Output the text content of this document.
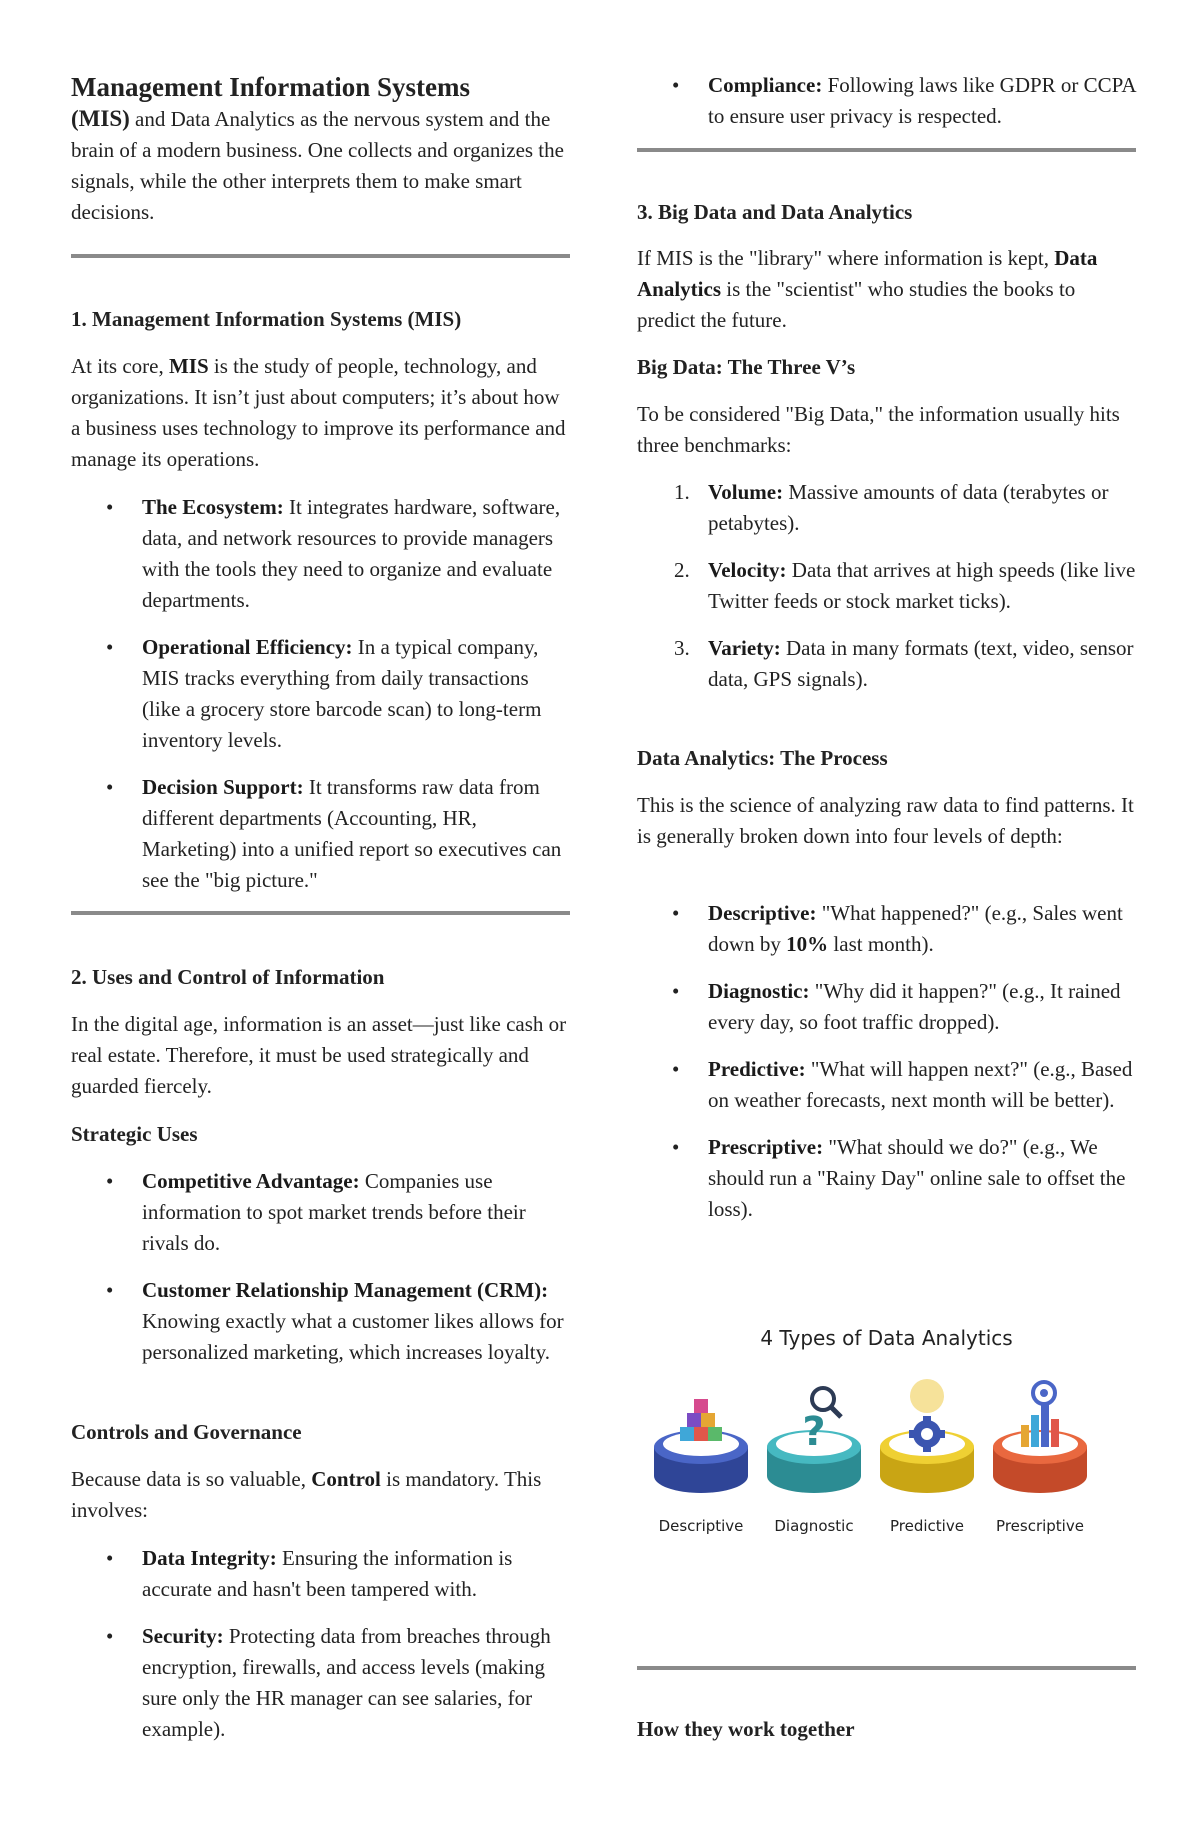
Management Information Systems

(MIS) and Data Analytics as the nervous system and the brain of a modern business. One collects and organizes the signals, while the other interprets them to make smart decisions.

1. Management Information Systems (MIS)

At its core, MIS is the study of people, technology, and organizations. It isn’t just about computers; it’s about how a business uses technology to improve its performance and manage its operations.

• The Ecosystem: It integrates hardware, software, data, and network resources to provide managers with the tools they need to organize and evaluate departments.
• Operational Efficiency: In a typical company, MIS tracks everything from daily transactions (like a grocery store barcode scan) to long-term inventory levels.
• Decision Support: It transforms raw data from different departments (Accounting, HR, Marketing) into a unified report so executives can see the "big picture."

2. Uses and Control of Information

In the digital age, information is an asset—just like cash or real estate. Therefore, it must be used strategically and guarded fiercely.

Strategic Uses

• Competitive Advantage: Companies use information to spot market trends before their rivals do.
• Customer Relationship Management (CRM): Knowing exactly what a customer likes allows for personalized marketing, which increases loyalty.

Controls and Governance

Because data is so valuable, Control is mandatory. This involves:

• Data Integrity: Ensuring the information is accurate and hasn't been tampered with.
• Security: Protecting data from breaches through encryption, firewalls, and access levels (making sure only the HR manager can see salaries, for example).
• Compliance: Following laws like GDPR or CCPA to ensure user privacy is respected.

3. Big Data and Data Analytics

If MIS is the "library" where information is kept, Data Analytics is the "scientist" who studies the books to predict the future.

Big Data: The Three V’s

To be considered "Big Data," the information usually hits three benchmarks:

1. Volume: Massive amounts of data (terabytes or petabytes).
2. Velocity: Data that arrives at high speeds (like live Twitter feeds or stock market ticks).
3. Variety: Data in many formats (text, video, sensor data, GPS signals).

Data Analytics: The Process

This is the science of analyzing raw data to find patterns. It is generally broken down into four levels of depth:

• Descriptive: "What happened?" (e.g., Sales went down by 10% last month).
• Diagnostic: "Why did it happen?" (e.g., It rained every day, so foot traffic dropped).
• Predictive: "What will happen next?" (e.g., Based on weather forecasts, next month will be better).
• Prescriptive: "What should we do?" (e.g., We should run a "Rainy Day" online sale to offset the loss).
4 Types of Data Analytics
?
Descriptive	Diagnostic	Predictive	Prescriptive

How they work together
